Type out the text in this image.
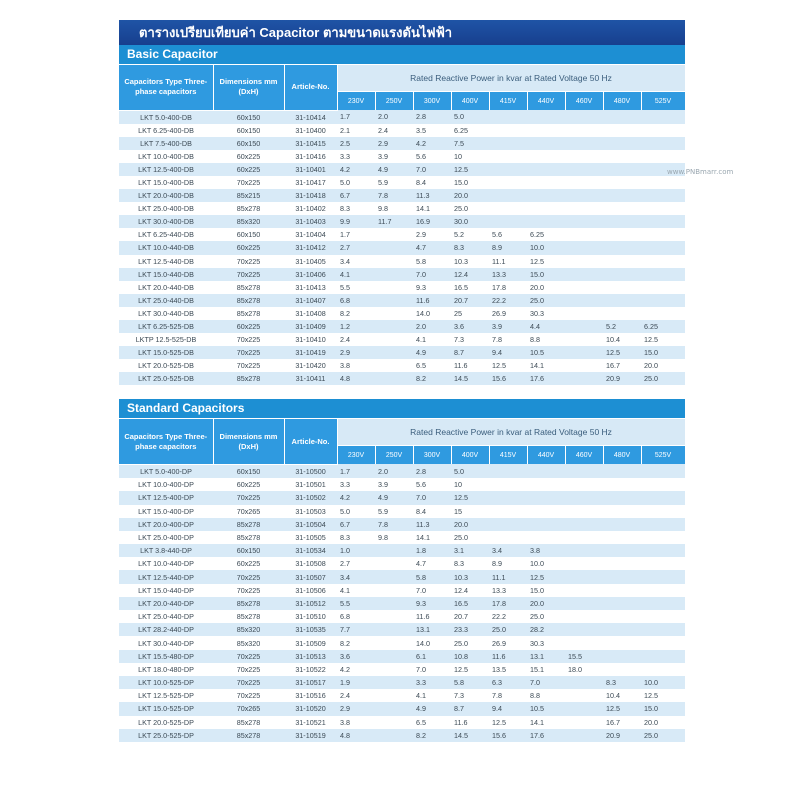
ตารางเปรียบเทียบค่า Capacitor ตามขนาดแรงดันไฟฟ้า
Basic Capacitor
Capacitors Type Three-phase capacitors	Dimensions mm (DxH)	Article-No.	Rated Reactive Power in kvar at Rated Voltage 50 Hz								
			230V	250V	300V	400V	415V	440V	460V	480V	525V
LKT 5.0-400-DB	60x150	31-10414	1.7	2.0	2.8	5.0					
LKT 6.25-400-DB	60x150	31-10400	2.1	2.4	3.5	6.25					
LKT 7.5-400-DB	60x150	31-10415	2.5	2.9	4.2	7.5					
LKT 10.0-400-DB	60x225	31-10416	3.3	3.9	5.6	10					
LKT 12.5-400-DB	60x225	31-10401	4.2	4.9	7.0	12.5					
LKT 15.0-400-DB	70x225	31-10417	5.0	5.9	8.4	15.0					
LKT 20.0-400-DB	85x215	31-10418	6.7	7.8	11.3	20.0					
LKT 25.0-400-DB	85x278	31-10402	8.3	9.8	14.1	25.0					
LKT 30.0-400-DB	85x320	31-10403	9.9	11.7	16.9	30.0					
LKT 6.25-440-DB	60x150	31-10404	1.7		2.9	5.2	5.6	6.25			
LKT 10.0-440-DB	60x225	31-10412	2.7		4.7	8.3	8.9	10.0			
LKT 12.5-440-DB	70x225	31-10405	3.4		5.8	10.3	11.1	12.5			
LKT 15.0-440-DB	70x225	31-10406	4.1		7.0	12.4	13.3	15.0			
LKT 20.0-440-DB	85x278	31-10413	5.5		9.3	16.5	17.8	20.0			
LKT 25.0-440-DB	85x278	31-10407	6.8		11.6	20.7	22.2	25.0			
LKT 30.0-440-DB	85x278	31-10408	8.2		14.0	25	26.9	30.3			
LKT 6.25-525-DB	60x225	31-10409	1.2		2.0	3.6	3.9	4.4		5.2	6.25
LKTP 12.5-525-DB	70x225	31-10410	2.4		4.1	7.3	7.8	8.8		10.4	12.5
LKT 15.0-525-DB	70x225	31-10419	2.9		4.9	8.7	9.4	10.5		12.5	15.0
LKT 20.0-525-DB	70x225	31-10420	3.8		6.5	11.6	12.5	14.1		16.7	20.0
LKT 25.0-525-DB	85x278	31-10411	4.8		8.2	14.5	15.6	17.6		20.9	25.0
Standard Capacitors
Capacitors Type Three-phase capacitors	Dimensions mm (DxH)	Article-No.	Rated Reactive Power in kvar at Rated Voltage 50 Hz								
			230V	250V	300V	400V	415V	440V	460V	480V	525V
LKT 5.0-400-DP	60x150	31-10500	1.7	2.0	2.8	5.0					
LKT 10.0-400-DP	60x225	31-10501	3.3	3.9	5.6	10					
LKT 12.5-400-DP	70x225	31-10502	4.2	4.9	7.0	12.5					
LKT 15.0-400-DP	70x265	31-10503	5.0	5.9	8.4	15					
LKT 20.0-400-DP	85x278	31-10504	6.7	7.8	11.3	20.0					
LKT 25.0-400-DP	85x278	31-10505	8.3	9.8	14.1	25.0					
LKT 3.8-440-DP	60x150	31-10534	1.0		1.8	3.1	3.4	3.8			
LKT 10.0-440-DP	60x225	31-10508	2.7		4.7	8.3	8.9	10.0			
LKT 12.5-440-DP	70x225	31-10507	3.4		5.8	10.3	11.1	12.5			
LKT 15.0-440-DP	70x225	31-10506	4.1		7.0	12.4	13.3	15.0			
LKT 20.0-440-DP	85x278	31-10512	5.5		9.3	16.5	17.8	20.0			
LKT 25.0-440-DP	85x278	31-10510	6.8		11.6	20.7	22.2	25.0			
LKT 28.2-440-DP	85x320	31-10535	7.7		13.1	23.3	25.0	28.2			
LKT 30.0-440-DP	85x320	31-10509	8.2		14.0	25.0	26.9	30.3			
LKT 15.5-480-DP	70x225	31-10513	3.6		6.1	10.8	11.6	13.1	15.5		
LKT 18.0-480-DP	70x225	31-10522	4.2		7.0	12.5	13.5	15.1	18.0		
LKT 10.0-525-DP	70x225	31-10517	1.9		3.3	5.8	6.3	7.0		8.3	10.0
LKT 12.5-525-DP	70x225	31-10516	2.4		4.1	7.3	7.8	8.8		10.4	12.5
LKT 15.0-525-DP	70x265	31-10520	2.9		4.9	8.7	9.4	10.5		12.5	15.0
LKT 20.0-525-DP	85x278	31-10521	3.8		6.5	11.6	12.5	14.1		16.7	20.0
LKT 25.0-525-DP	85x278	31-10519	4.8		8.2	14.5	15.6	17.6		20.9	25.0
www.PNBmarr.com
